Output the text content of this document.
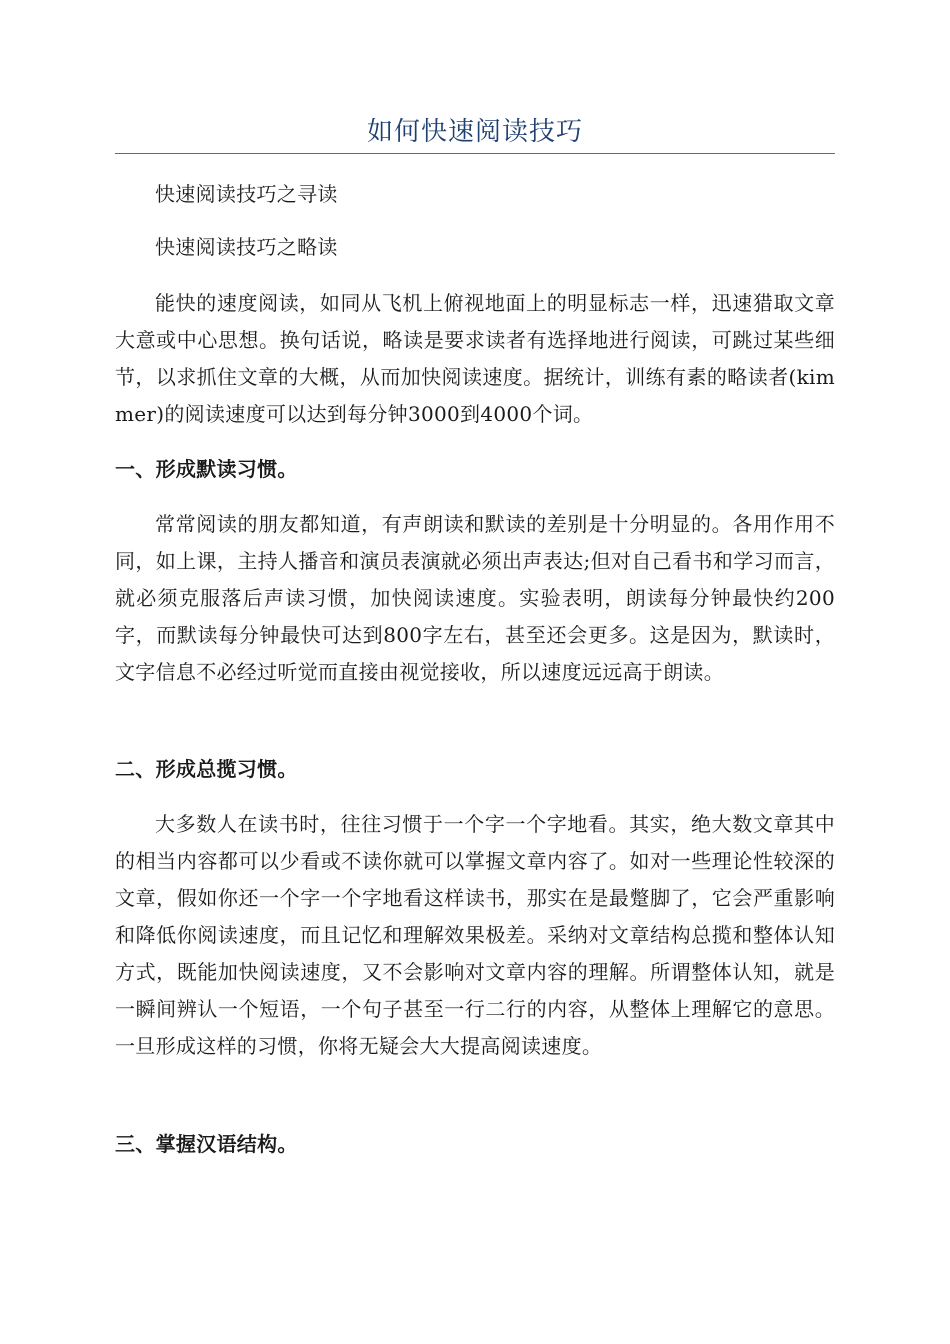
如何快速阅读技巧

快速阅读技巧之寻读

快速阅读技巧之略读

能快的速度阅读，如同从飞机上俯视地面上的明显标志一样，迅速猎取文章大意或中心思想。换句话说，略读是要求读者有选择地进行阅读，可跳过某些细节，以求抓住文章的大概，从而加快阅读速度。据统计，训练有素的略读者(kimmer)的阅读速度可以达到每分钟3000到4000个词。

一、形成默读习惯。

常常阅读的朋友都知道，有声朗读和默读的差别是十分明显的。各用作用不同，如上课，主持人播音和演员表演就必须出声表达;但对自己看书和学习而言，就必须克服落后声读习惯，加快阅读速度。实验表明，朗读每分钟最快约200字，而默读每分钟最快可达到800字左右，甚至还会更多。这是因为，默读时，文字信息不必经过听觉而直接由视觉接收，所以速度远远高于朗读。

二、形成总揽习惯。

大多数人在读书时，往往习惯于一个字一个字地看。其实，绝大数文章其中的相当内容都可以少看或不读你就可以掌握文章内容了。如对一些理论性较深的文章，假如你还一个字一个字地看这样读书，那实在是最蹩脚了，它会严重影响和降低你阅读速度，而且记忆和理解效果极差。采纳对文章结构总揽和整体认知方式，既能加快阅读速度，又不会影响对文章内容的理解。所谓整体认知，就是一瞬间辨认一个短语，一个句子甚至一行二行的内容，从整体上理解它的意思。一旦形成这样的习惯，你将无疑会大大提高阅读速度。

三、掌握汉语结构。
